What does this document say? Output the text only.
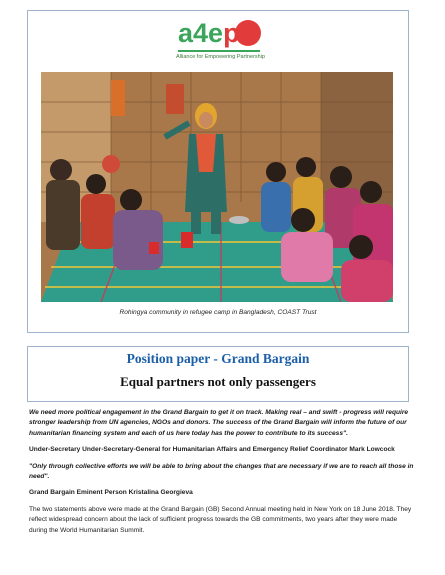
a4ep
Alliance for Empowering Partnership
Rohingya community in refugee camp in Bangladesh, COAST Trust
Position paper - Grand Bargain
Equal partners not only passengers

We need more political engagement in the Grand Bargain to get it on track. Making real – and swift - progress will require stronger leadership from UN agencies, NGOs and donors. The success of the Grand Bargain will inform the future of our humanitarian financing system and each of us here today has the power to contribute to its success".

Under-Secretary Under-Secretary-General for Humanitarian Affairs and Emergency Relief Coordinator Mark Lowcock

"Only through collective efforts we will be able to bring about the changes that are necessary if we are to reach all those in need".

Grand Bargain Eminent Person Kristalina Georgieva

The two statements above were made at the Grand Bargain (GB) Second Annual meeting held in New York on 18 June 2018. They reflect widespread concern about the lack of sufficient progress towards the GB commitments, two years after they were made during the World Humanitarian Summit.
